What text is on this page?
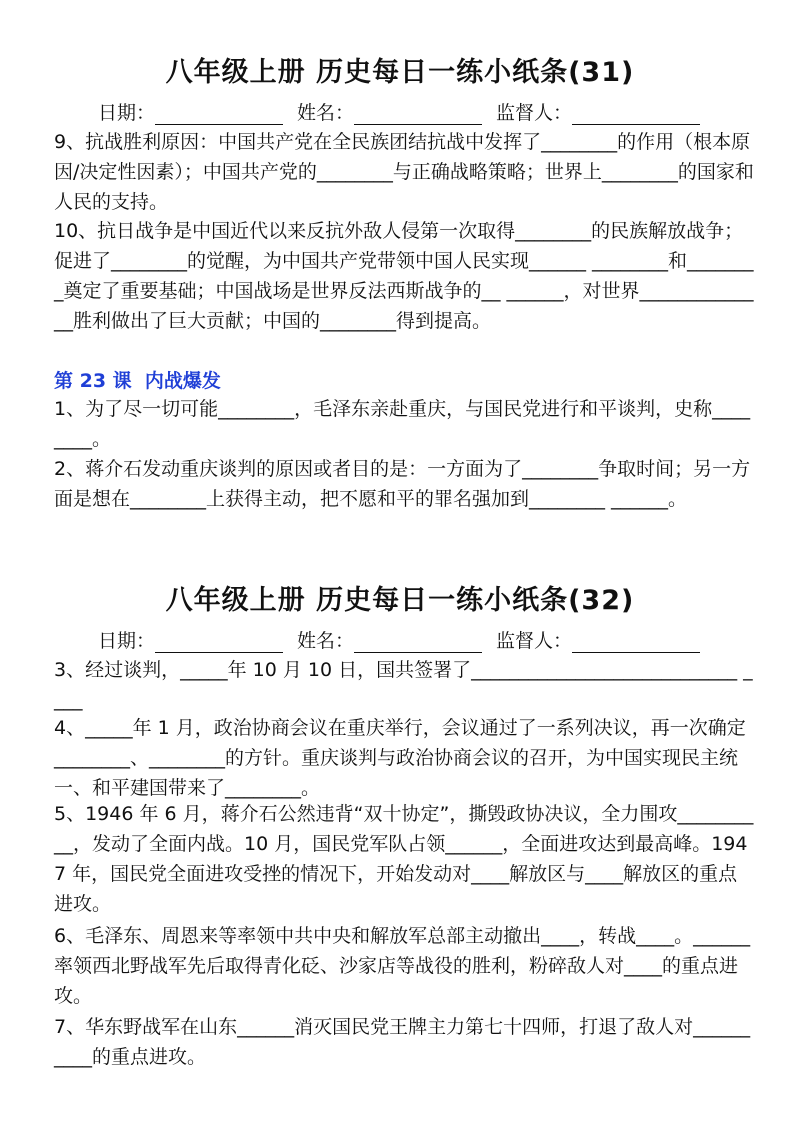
八年级上册 历史每日一练小纸条(31)
日期：	姓名：	监督人：
9、抗战胜利原因：中国共产党在全民族团结抗战中发挥了________的作用（根本原因/决定性因素）；中国共产党的________与正确战略策略；世界上________的国家和人民的支持。
10、抗日战争是中国近代以来反抗外敌人侵第一次取得________的民族解放战争；促进了________的觉醒，为中国共产党带领中国人民实现______ ________和________奠定了重要基础；中国战场是世界反法西斯战争的__ ______，对世界______________胜利做出了巨大贡献；中国的________得到提高。
第 23 课  内战爆发
1、为了尽一切可能________，毛泽东亲赴重庆，与国民党进行和平谈判，史称________。
2、蒋介石发动重庆谈判的原因或者目的是：一方面为了________争取时间；另一方面是想在________上获得主动，把不愿和平的罪名强加到________ ______。
八年级上册 历史每日一练小纸条(32)
日期：	姓名：	监督人：
3、经过谈判，_____年 10 月 10 日，国共签署了____________________________ ____
4、_____年 1 月，政治协商会议在重庆举行，会议通过了一系列决议，再一次确定________、________的方针。重庆谈判与政治协商会议的召开，为中国实现民主统一、和平建国带来了________。
5、1946 年 6 月，蒋介石公然违背“双十协定”，撕毁政协决议，全力围攻__________，发动了全面内战。10 月，国民党军队占领______，全面进攻达到最高峰。1947 年，国民党全面进攻受挫的情况下，开始发动对____解放区与____解放区的重点进攻。
6、毛泽东、周恩来等率领中共中央和解放军总部主动撤出____，转战____。______率领西北野战军先后取得青化砭、沙家店等战役的胜利，粉碎敌人对____的重点进攻。
7、华东野战军在山东______消灭国民党王牌主力第七十四师，打退了敌人对__________的重点进攻。
